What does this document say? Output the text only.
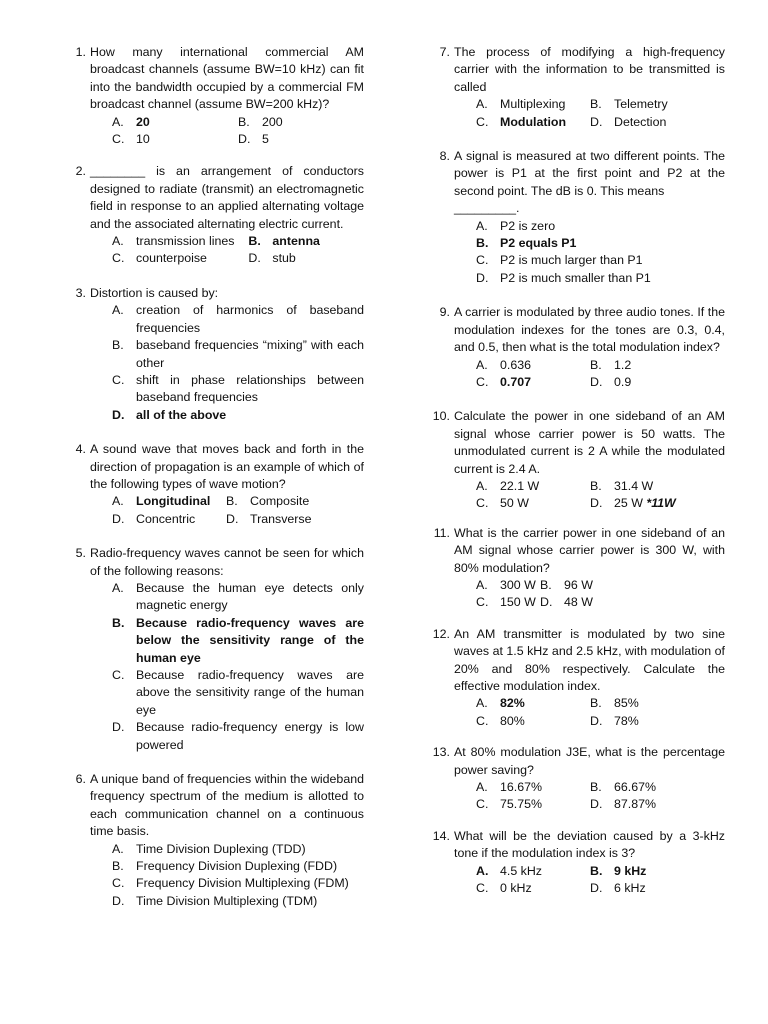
1. How many international commercial AM broadcast channels (assume BW=10 kHz) can fit into the bandwidth occupied by a commercial FM broadcast channel (assume BW=200 kHz)?
A. 20	B. 200
C. 10	D. 5
2. ________ is an arrangement of conductors designed to radiate (transmit) an electromagnetic field in response to an applied alternating voltage and the associated alternating electric current.
A. transmission lines B. antenna
C. counterpoise	D. stub
3. Distortion is caused by:
A. creation of harmonics of baseband frequencies
B. baseband frequencies “mixing” with each other
C. shift in phase relationships between baseband frequencies
D. all of the above
4. A sound wave that moves back and forth in the direction of propagation is an example of which of the following types of wave motion?
A. Longitudinal B. Composite
D. Concentric D. Transverse
5. Radio-frequency waves cannot be seen for which of the following reasons:
A. Because the human eye detects only magnetic energy
B. Because radio-frequency waves are below the sensitivity range of the human eye
C. Because radio-frequency waves are above the sensitivity range of the human eye
D. Because radio-frequency energy is low powered
6. A unique band of frequencies within the wideband frequency spectrum of the medium is allotted to each communication channel on a continuous time basis.
A. Time Division Duplexing (TDD)
B. Frequency Division Duplexing (FDD)
C. Frequency Division Multiplexing (FDM)
D. Time Division Multiplexing (TDM)
7. The process of modifying a high-frequency carrier with the information to be transmitted is called
A. Multiplexing B. Telemetry
C. Modulation D. Detection
8. A signal is measured at two different points. The power is P1 at the first point and P2 at the second point. The dB is 0. This means
_________.
A. P2 is zero
B. P2 equals P1
C. P2 is much larger than P1
D. P2 is much smaller than P1
9. A carrier is modulated by three audio tones. If the modulation indexes for the tones are 0.3, 0.4, and 0.5, then what is the total modulation index?
A. 0.636	B. 1.2
C. 0.707	D. 0.9
10. Calculate the power in one sideband of an AM signal whose carrier power is 50 watts. The unmodulated current is 2 A while the modulated current is 2.4 A.
A. 22.1 W	B. 31.4 W
C. 50 W	D. 25 W
*11W
11. What is the carrier power in one sideband of an AM signal whose carrier power is 300 W, with 80% modulation?
A. 300 W B. 96 W
C. 150 W D. 48 W
12. An AM transmitter is modulated by two sine waves at 1.5 kHz and 2.5 kHz, with modulation of 20% and 80% respectively. Calculate the effective modulation index.
A. 82%	B. 85%
C. 80%	D. 78%
13. At 80% modulation J3E, what is the percentage power saving?
A. 16.67%	B. 66.67%
C. 75.75%	D. 87.87%
14. What will be the deviation caused by a 3-kHz tone if the modulation index is 3?
A. 4.5 kHz	B. 9 kHz
C. 0 kHz	D. 6 kHz
